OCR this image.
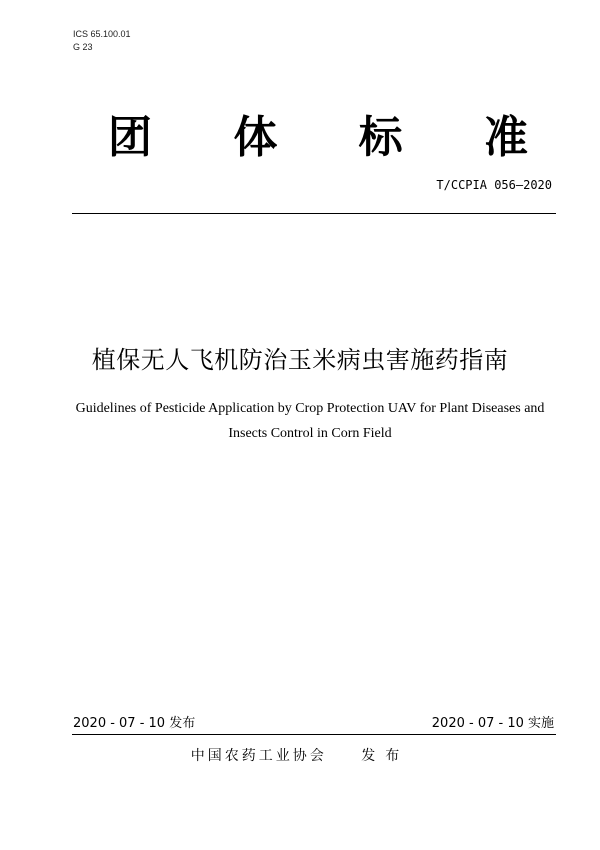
ICS 65.100.01
G 23
团 体 标 准
T/CCPIA 056—2020
植保无人飞机防治玉米病虫害施药指南
Guidelines of Pesticide Application by Crop Protection UAV for Plant Diseases and
Insects Control in Corn Field
2020 - 07 - 10 发布	2020 - 07 - 10 实施
中国农药工业协会 发布
